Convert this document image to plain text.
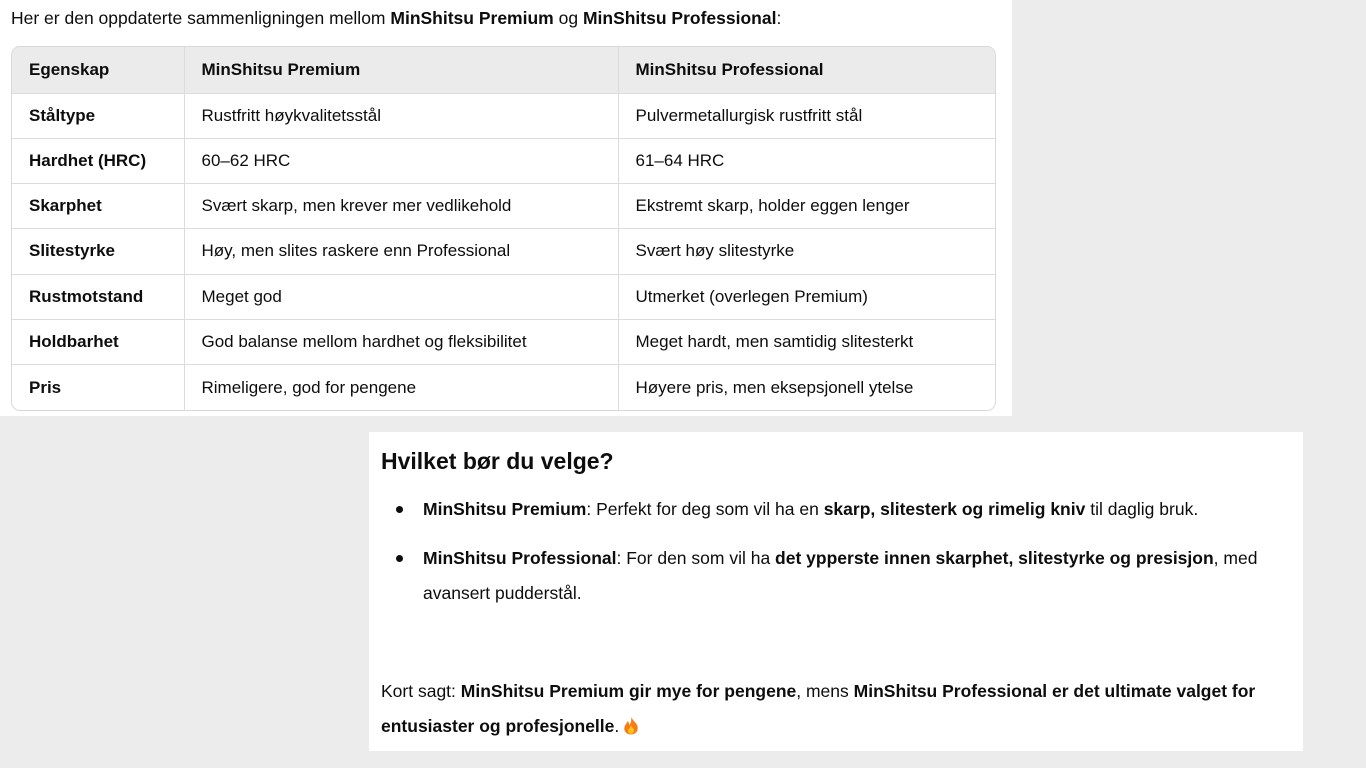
Her er den oppdaterte sammenligningen mellom MinShitsu Premium og MinShitsu Professional:

Egenskap	MinShitsu Premium	MinShitsu Professional
Ståltype	Rustfritt høykvalitetsstål	Pulvermetallurgisk rustfritt stål
Hardhet (HRC)	60–62 HRC	61–64 HRC
Skarphet	Svært skarp, men krever mer vedlikehold	Ekstremt skarp, holder eggen lenger
Slitestyrke	Høy, men slites raskere enn Professional	Svært høy slitestyrke
Rustmotstand	Meget god	Utmerket (overlegen Premium)
Holdbarhet	God balanse mellom hardhet og fleksibilitet	Meget hardt, men samtidig slitesterkt
Pris	Rimeligere, god for pengene	Høyere pris, men eksepsjonell ytelse
Hvilket bør du velge?
MinShitsu Premium: Perfekt for deg som vil ha en skarp, slitesterk og rimelig kniv til daglig bruk.
MinShitsu Professional: For den som vil ha det ypperste innen skarphet, slitestyrke og presisjon, med avansert pudderstål.

Kort sagt: MinShitsu Premium gir mye for pengene, mens MinShitsu Professional er det ultimate valget for entusiaster og profesjonelle.
